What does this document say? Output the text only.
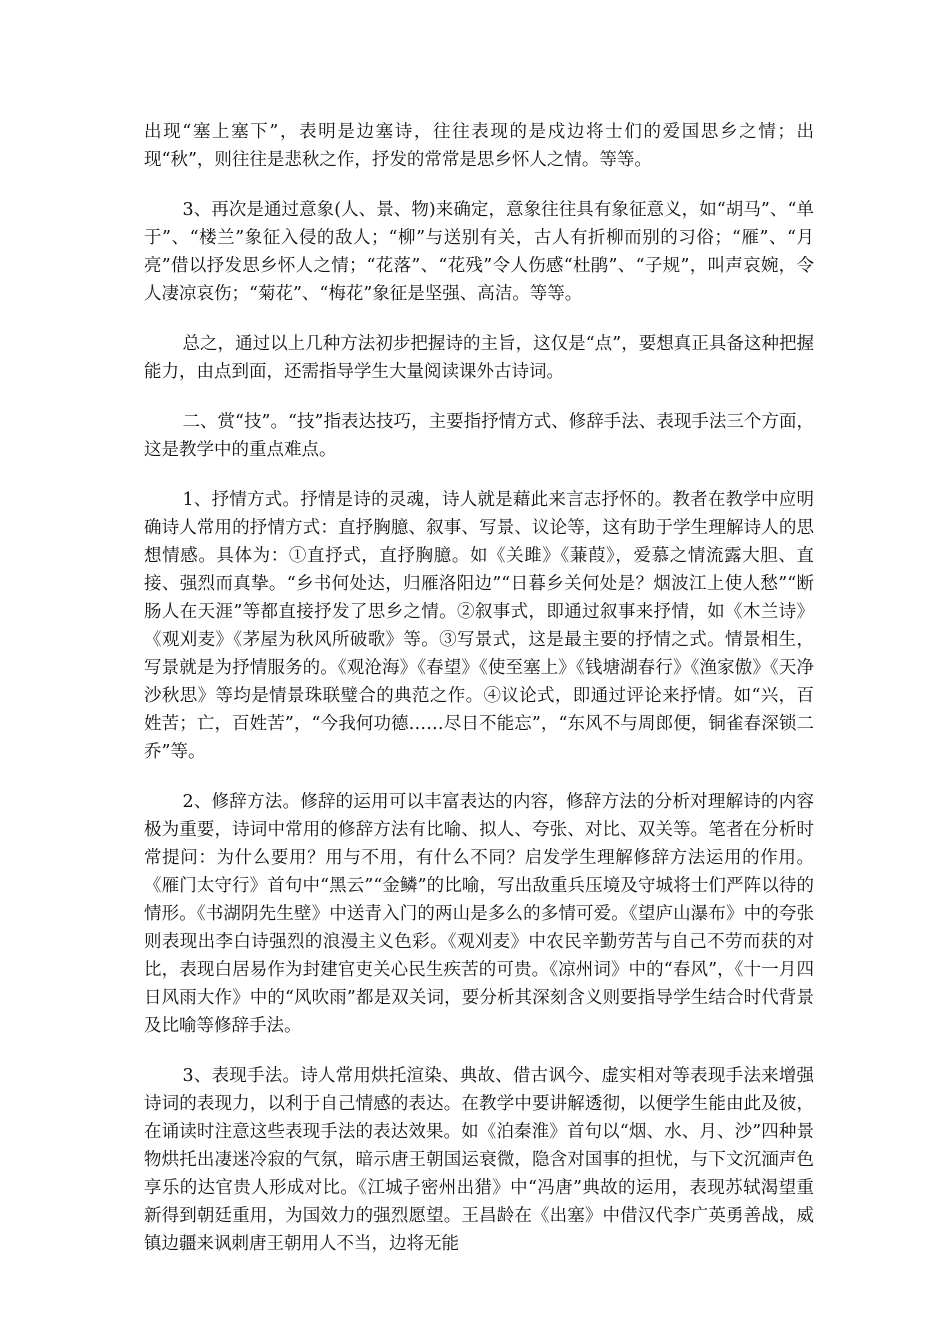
出现“塞上塞下”，表明是边塞诗，往往表现的是戍边将士们的爱国思乡之情；出现“秋”，则往往是悲秋之作，抒发的常常是思乡怀人之情。等等。

3、再次是通过意象(人、景、物)来确定，意象往往具有象征意义，如“胡马”、“单于”、“楼兰”象征入侵的敌人；“柳”与送别有关，古人有折柳而别的习俗；“雁”、“月亮”借以抒发思乡怀人之情；“花落”、“花残”令人伤感“杜鹃”、“子规”，叫声哀婉，令人凄凉哀伤；“菊花”、“梅花”象征是坚强、高洁。等等。

总之，通过以上几种方法初步把握诗的主旨，这仅是“点”，要想真正具备这种把握能力，由点到面，还需指导学生大量阅读课外古诗词。

二、赏“技”。“技”指表达技巧，主要指抒情方式、修辞手法、表现手法三个方面，这是教学中的重点难点。

1、抒情方式。抒情是诗的灵魂，诗人就是藉此来言志抒怀的。教者在教学中应明确诗人常用的抒情方式：直抒胸臆、叙事、写景、议论等，这有助于学生理解诗人的思想情感。具体为：①直抒式，直抒胸臆。如《关雎》《蒹葭》，爱慕之情流露大胆、直接、强烈而真挚。“乡书何处达，归雁洛阳边”“日暮乡关何处是？烟波江上使人愁”“断肠人在天涯”等都直接抒发了思乡之情。②叙事式，即通过叙事来抒情，如《木兰诗》《观刈麦》《茅屋为秋风所破歌》等。③写景式，这是最主要的抒情之式。情景相生，写景就是为抒情服务的。《观沧海》《春望》《使至塞上》《钱塘湖春行》《渔家傲》《天净沙秋思》等均是情景珠联璧合的典范之作。④议论式，即通过评论来抒情。如“兴，百姓苦；亡，百姓苦”，“今我何功德……尽日不能忘”，“东风不与周郎便，铜雀春深锁二乔”等。

2、修辞方法。修辞的运用可以丰富表达的内容，修辞方法的分析对理解诗的内容极为重要，诗词中常用的修辞方法有比喻、拟人、夸张、对比、双关等。笔者在分析时常提问：为什么要用？用与不用，有什么不同？启发学生理解修辞方法运用的作用。《雁门太守行》首句中“黑云”“金鳞”的比喻，写出敌重兵压境及守城将士们严阵以待的情形。《书湖阴先生壁》中送青入门的两山是多么的多情可爱。《望庐山瀑布》中的夸张则表现出李白诗强烈的浪漫主义色彩。《观刈麦》中农民辛勤劳苦与自己不劳而获的对比，表现白居易作为封建官吏关心民生疾苦的可贵。《凉州词》中的“春风”，《十一月四日风雨大作》中的“风吹雨”都是双关词，要分析其深刻含义则要指导学生结合时代背景及比喻等修辞手法。

3、表现手法。诗人常用烘托渲染、典故、借古讽今、虚实相对等表现手法来增强诗词的表现力，以利于自己情感的表达。在教学中要讲解透彻，以便学生能由此及彼，在诵读时注意这些表现手法的表达效果。如《泊秦淮》首句以“烟、水、月、沙”四种景物烘托出凄迷冷寂的气氛，暗示唐王朝国运衰微，隐含对国事的担忧，与下文沉湎声色享乐的达官贵人形成对比。《江城子密州出猎》中“冯唐”典故的运用，表现苏轼渴望重新得到朝廷重用，为国效力的强烈愿望。王昌龄在《出塞》中借汉代李广英勇善战，威镇边疆来讽刺唐王朝用人不当，边将无能
